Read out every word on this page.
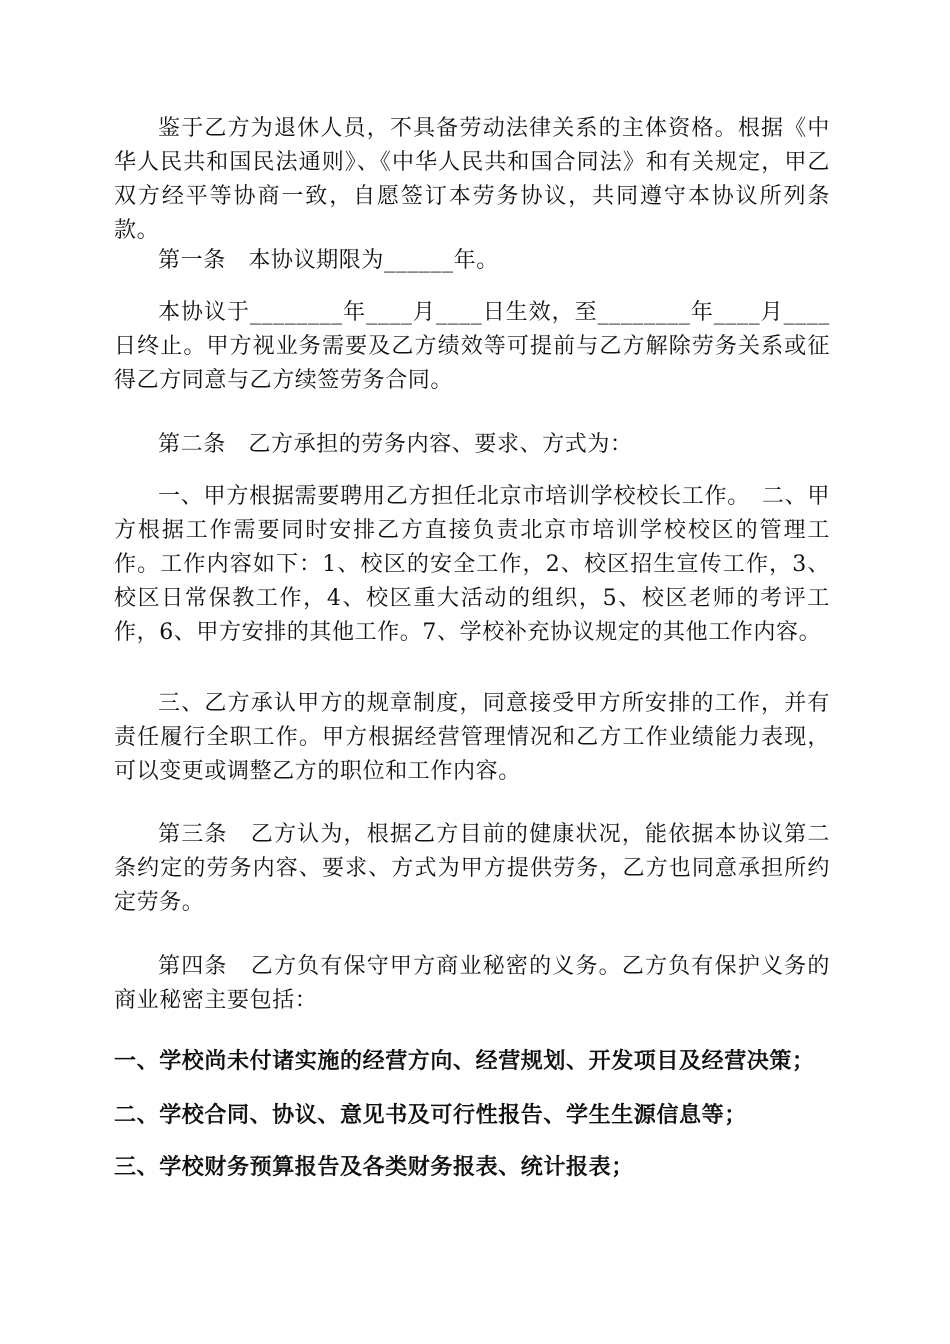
鉴于乙方为退休人员，不具备劳动法律关系的主体资格。根据《中华人民共和国民法通则》、《中华人民共和国合同法》和有关规定，甲乙双方经平等协商一致，自愿签订本劳务协议，共同遵守本协议所列条款。

第一条　本协议期限为______年。

本协议于________年____月____日生效，至________年____月____日终止。甲方视业务需要及乙方绩效等可提前与乙方解除劳务关系或征得乙方同意与乙方续签劳务合同。

第二条　乙方承担的劳务内容、要求、方式为：

一、甲方根据需要聘用乙方担任北京市培训学校校长工作。　二、甲方根据工作需要同时安排乙方直接负责北京市培训学校校区的管理工作。工作内容如下：1、校区的安全工作，2、校区招生宣传工作，3、校区日常保教工作，4、校区重大活动的组织，5、校区老师的考评工作，6、甲方安排的其他工作。7、学校补充协议规定的其他工作内容。

三、乙方承认甲方的规章制度，同意接受甲方所安排的工作，并有责任履行全职工作。甲方根据经营管理情况和乙方工作业绩能力表现，可以变更或调整乙方的职位和工作内容。

第三条　乙方认为，根据乙方目前的健康状况，能依据本协议第二条约定的劳务内容、要求、方式为甲方提供劳务，乙方也同意承担所约定劳务。

第四条　乙方负有保守甲方商业秘密的义务。乙方负有保护义务的商业秘密主要包括：

一、学校尚未付诸实施的经营方向、经营规划、开发项目及经营决策；

二、学校合同、协议、意见书及可行性报告、学生生源信息等；

三、学校财务预算报告及各类财务报表、统计报表；
